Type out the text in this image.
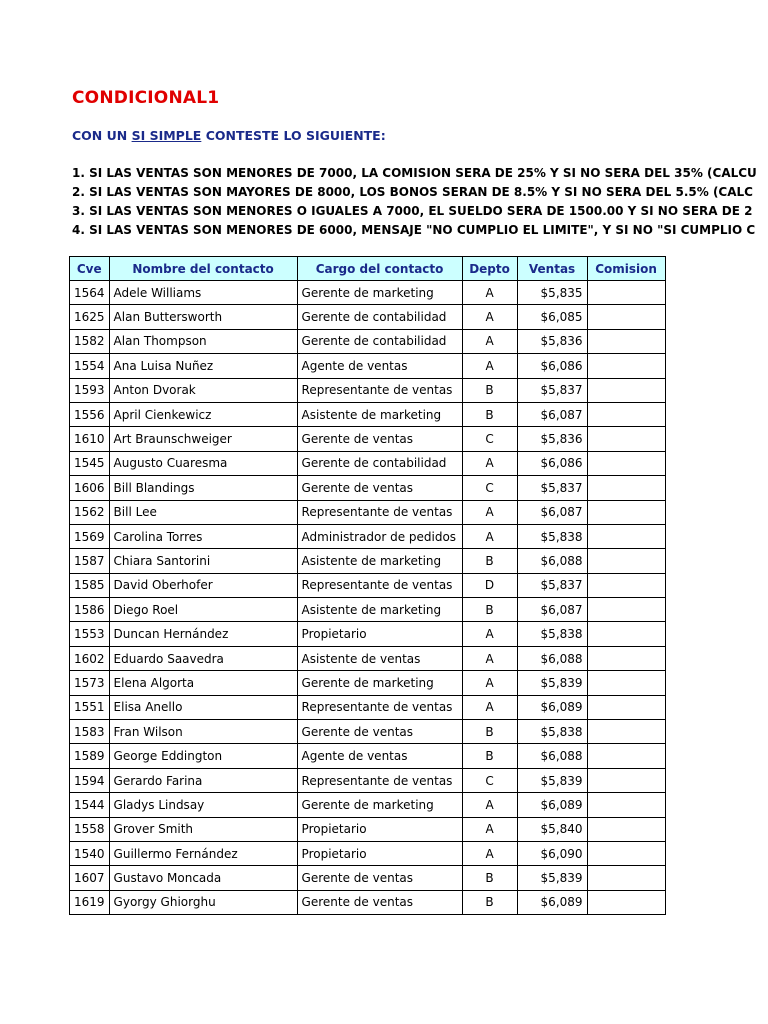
CONDICIONAL1
CON UN SI SIMPLE CONTESTE LO SIGUIENTE:
1. SI LAS VENTAS SON MENORES DE 7000, LA COMISION SERA DE 25% Y SI NO SERA DEL 35% (CALCU
2. SI LAS VENTAS SON MAYORES DE 8000, LOS BONOS SERAN DE 8.5% Y SI NO SERA DEL 5.5% (CALC
3. SI LAS VENTAS SON MENORES O IGUALES A 7000, EL SUELDO SERA DE 1500.00 Y SI NO SERA DE 2
4. SI LAS VENTAS SON MENORES DE 6000, MENSAJE "NO CUMPLIO EL LIMITE", Y SI NO "SI CUMPLIO C
Cve	Nombre del contacto	Cargo del contacto	Depto	Ventas	Comision
1564	Adele Williams	Gerente de marketing	A	$5,835	
1625	Alan Buttersworth	Gerente de contabilidad	A	$6,085	
1582	Alan Thompson	Gerente de contabilidad	A	$5,836	
1554	Ana Luisa Nuñez	Agente de ventas	A	$6,086	
1593	Anton Dvorak	Representante de ventas	B	$5,837	
1556	April Cienkewicz	Asistente de marketing	B	$6,087	
1610	Art Braunschweiger	Gerente de ventas	C	$5,836	
1545	Augusto Cuaresma	Gerente de contabilidad	A	$6,086	
1606	Bill Blandings	Gerente de ventas	C	$5,837	
1562	Bill Lee	Representante de ventas	A	$6,087	
1569	Carolina Torres	Administrador de pedidos	A	$5,838	
1587	Chiara Santorini	Asistente de marketing	B	$6,088	
1585	David Oberhofer	Representante de ventas	D	$5,837	
1586	Diego Roel	Asistente de marketing	B	$6,087	
1553	Duncan Hernández	Propietario	A	$5,838	
1602	Eduardo Saavedra	Asistente de ventas	A	$6,088	
1573	Elena Algorta	Gerente de marketing	A	$5,839	
1551	Elisa Anello	Representante de ventas	A	$6,089	
1583	Fran Wilson	Gerente de ventas	B	$5,838	
1589	George Eddington	Agente de ventas	B	$6,088	
1594	Gerardo Farina	Representante de ventas	C	$5,839	
1544	Gladys Lindsay	Gerente de marketing	A	$6,089	
1558	Grover Smith	Propietario	A	$5,840	
1540	Guillermo Fernández	Propietario	A	$6,090	
1607	Gustavo Moncada	Gerente de ventas	B	$5,839	
1619	Gyorgy Ghiorghu	Gerente de ventas	B	$6,089	
